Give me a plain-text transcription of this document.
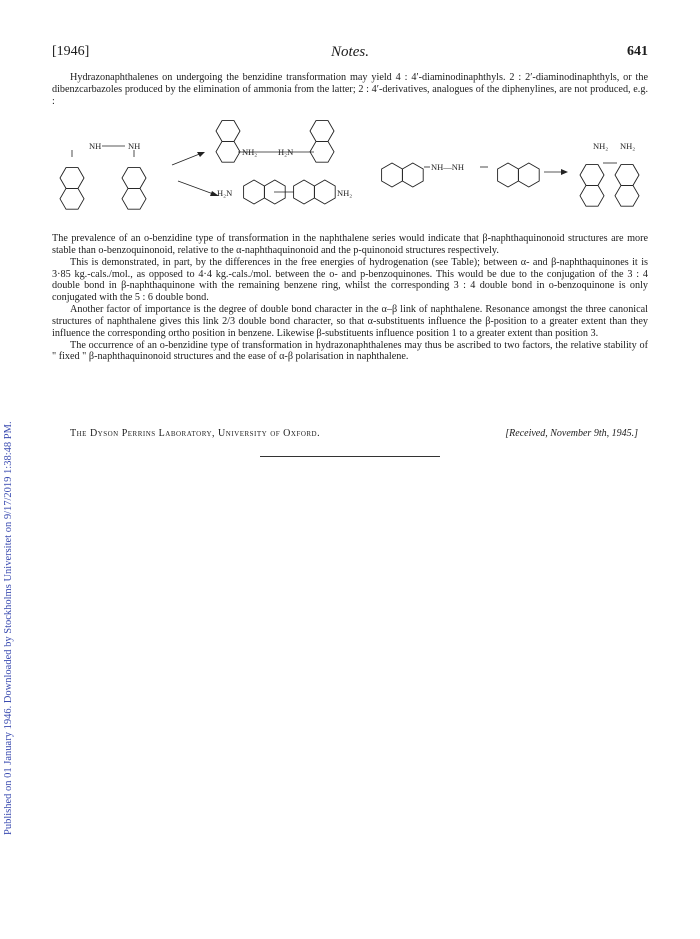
[1946]	Notes.	641

Hydrazonaphthalenes on undergoing the benzidine transformation may yield 4 : 4′-diaminodinaphthyls. 2 : 2′-diaminodinaphthyls, or the dibenzcarbazoles produced by the elimination of ammonia from the latter; 2 : 4′-derivatives, analogues of the diphenylines, are not produced, e.g. :

NH	NH
NH₂ H₂N
H₂N	NH₂
NH—NH
NH₂ NH₂

The prevalence of an o-benzidine type of transformation in the naphthalene series would indicate that β-naphthaquinonoid structures are more stable than o-benzoquinonoid, relative to the α-naphthaquinonoid and the p-quinonoid structures respectively.

This is demonstrated, in part, by the differences in the free energies of hydrogenation (see Table); between α- and β-naphthaquinones it is 3·85 kg.-cals./mol., as opposed to 4·4 kg.-cals./mol. between the o- and p-benzoquinones. This would be due to the conjugation of the 3 : 4 double bond in β-naphthaquinone with the remaining benzene ring, whilst the corresponding 3 : 4 double bond in o-benzoquinone is only conjugated with the 5 : 6 double bond.

Another factor of importance is the degree of double bond character in the α–β link of naphthalene. Resonance amongst the three canonical structures of naphthalene gives this link 2/3 double bond character, so that α-substituents influence the β-position to a greater extent than they influence the corresponding ortho position in benzene. Likewise β-substituents influence position 1 to a greater extent than position 3.

The occurrence of an o-benzidine type of transformation in hydrazonaphthalenes may thus be ascribed to two factors, the relative stability of " fixed " β-naphthaquinonoid structures and the ease of α-β polarisation in naphthalene.

The Dyson Perrins Laboratory, University of Oxford.	[Received, November 9th, 1945.]
Published on 01 January 1946. Downloaded by Stockholms Universitet on 9/17/2019 1:38:48 PM.
